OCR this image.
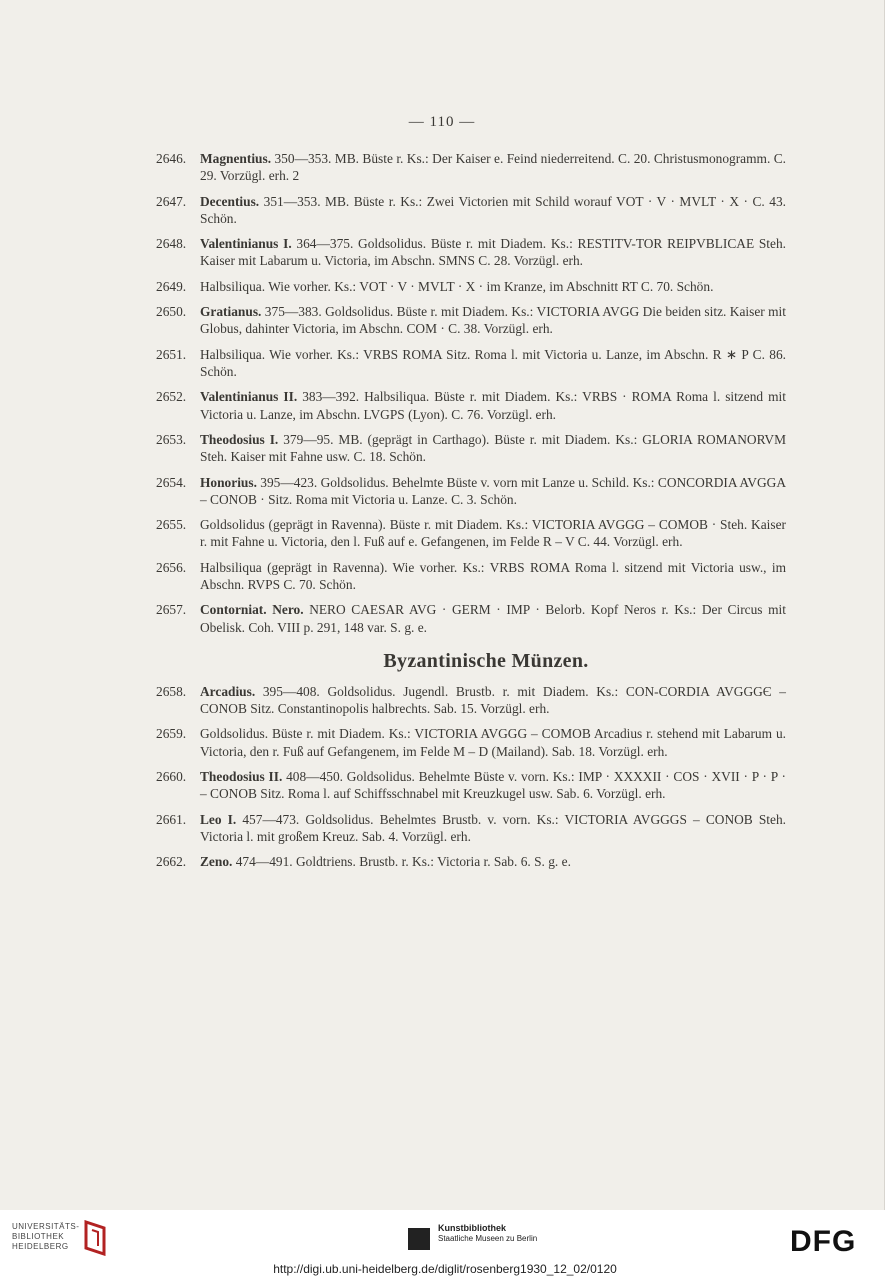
— 110 —
2646. Magnentius. 350—353. MB. Büste r. Ks.: Der Kaiser e. Feind niederreitend. C. 20. Christusmonogramm. C. 29. Vorzügl. erh. 2
2647. Decentius. 351—353. MB. Büste r. Ks.: Zwei Victorien mit Schild worauf VOT · V · MVLT · X · C. 43. Schön.
2648. Valentinianus I. 364—375. Goldsolidus. Büste r. mit Diadem. Ks.: RESTITV-TOR REIPVBLICAE Steh. Kaiser mit Labarum u. Victoria, im Abschn. SMNS C. 28. Vorzügl. erh.
2649. Halbsiliqua. Wie vorher. Ks.: VOT · V · MVLT · X · im Kranze, im Abschnitt RT C. 70. Schön.
2650. Gratianus. 375—383. Goldsolidus. Büste r. mit Diadem. Ks.: VICTORIA AVGG Die beiden sitz. Kaiser mit Globus, dahinter Victoria, im Abschn. COM · C. 38. Vorzügl. erh.
2651. Halbsiliqua. Wie vorher. Ks.: VRBS ROMA Sitz. Roma l. mit Victoria u. Lanze, im Abschn. R ∗ P C. 86. Schön.
2652. Valentinianus II. 383—392. Halbsiliqua. Büste r. mit Diadem. Ks.: VRBS · ROMA Roma l. sitzend mit Victoria u. Lanze, im Abschn. LVGPS (Lyon). C. 76. Vorzügl. erh.
2653. Theodosius I. 379—95. MB. (geprägt in Carthago). Büste r. mit Diadem. Ks.: GLORIA ROMANORVM Steh. Kaiser mit Fahne usw. C. 18. Schön.
2654. Honorius. 395—423. Goldsolidus. Behelmte Büste v. vorn mit Lanze u. Schild. Ks.: CONCORDIA AVGGA – CONOB · Sitz. Roma mit Victoria u. Lanze. C. 3. Schön.
2655. Goldsolidus (geprägt in Ravenna). Büste r. mit Diadem. Ks.: VICTORIA AVGGG – COMOB · Steh. Kaiser r. mit Fahne u. Victoria, den l. Fuß auf e. Gefangenen, im Felde R – V C. 44. Vorzügl. erh.
2656. Halbsiliqua (geprägt in Ravenna). Wie vorher. Ks.: VRBS ROMA Roma l. sitzend mit Victoria usw., im Abschn. RVPS C. 70. Schön.
2657. Contorniat. Nero. NERO CAESAR AVG · GERM · IMP · Belorb. Kopf Neros r. Ks.: Der Circus mit Obelisk. Coh. VIII p. 291, 148 var. S. g. e.
Byzantinische Münzen.
2658. Arcadius. 395—408. Goldsolidus. Jugendl. Brustb. r. mit Diadem. Ks.: CON-CORDIA AVGGGЄ – CONOB Sitz. Constantinopolis halbrechts. Sab. 15. Vorzügl. erh.
2659. Goldsolidus. Büste r. mit Diadem. Ks.: VICTORIA AVGGG – COMOB Arcadius r. stehend mit Labarum u. Victoria, den r. Fuß auf Gefangenem, im Felde M – D (Mailand). Sab. 18. Vorzügl. erh.
2660. Theodosius II. 408—450. Goldsolidus. Behelmte Büste v. vorn. Ks.: IMP · XXXXII · COS · XVII · P · P · – CONOB Sitz. Roma l. auf Schiffsschnabel mit Kreuzkugel usw. Sab. 6. Vorzügl. erh.
2661. Leo I. 457—473. Goldsolidus. Behelmtes Brustb. v. vorn. Ks.: VICTORIA AVGGGS – CONOB Steh. Victoria l. mit großem Kreuz. Sab. 4. Vorzügl. erh.
2662. Zeno. 474—491. Goldtriens. Brustb. r. Ks.: Victoria r. Sab. 6. S. g. e.
UNIVERSITÄTS-
BIBLIOTHEK
HEIDELBERG
Kunstbibliothek
Staatliche Museen zu Berlin	DFG
http://digi.ub.uni-heidelberg.de/diglit/rosenberg1930_12_02/0120
